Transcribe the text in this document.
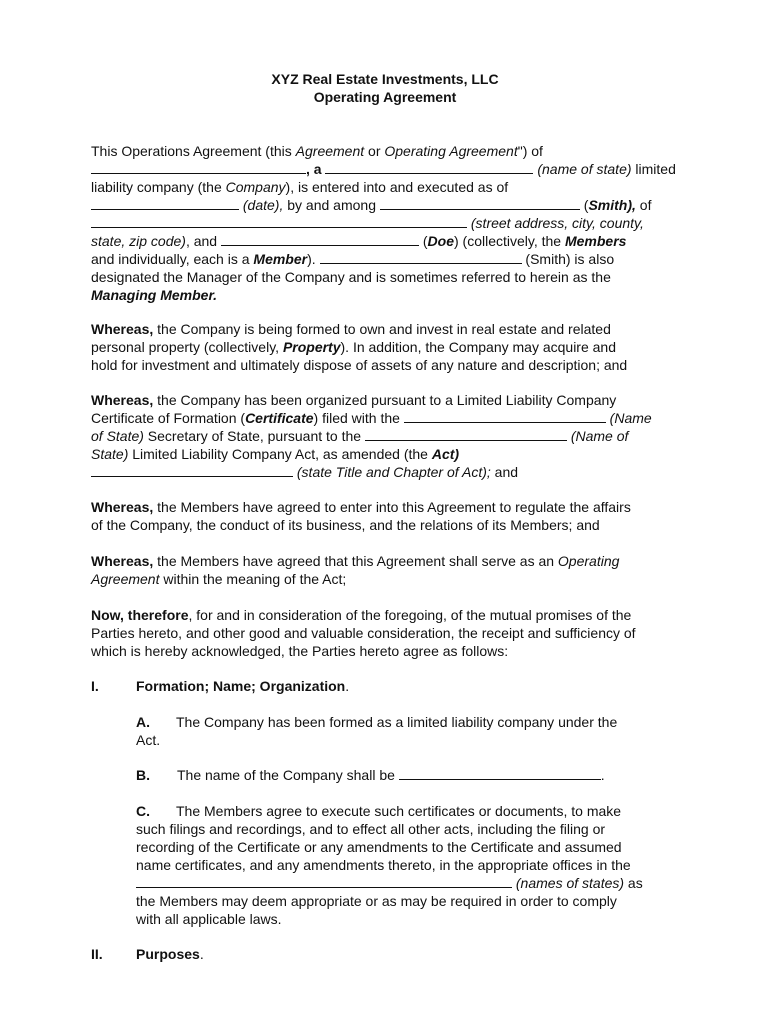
XYZ Real Estate Investments, LLC
Operating Agreement
This Operations Agreement (this Agreement or Operating Agreement") of
, a	(name of state) limited
liability company (the Company), is entered into and executed as of
(date), by and among	(Smith), of
(street address, city, county,
state, zip code), and	(Doe) (collectively, the Members
and individually, each is a Member).	(Smith) is also
designated the Manager of the Company and is sometimes referred to herein as the
Managing Member.
Whereas, the Company is being formed to own and invest in real estate and related
personal property (collectively, Property). In addition, the Company may acquire and
hold for investment and ultimately dispose of assets of any nature and description; and
Whereas, the Company has been organized pursuant to a Limited Liability Company
Certificate of Formation (Certificate) filed with the	(Name
of State) Secretary of State, pursuant to the	(Name of
State) Limited Liability Company Act, as amended (the Act)
(state Title and Chapter of Act); and
Whereas, the Members have agreed to enter into this Agreement to regulate the affairs
of the Company, the conduct of its business, and the relations of its Members; and
Whereas, the Members have agreed that this Agreement shall serve as an Operating
Agreement within the meaning of the Act;
Now, therefore, for and in consideration of the foregoing, of the mutual promises of the
Parties hereto, and other good and valuable consideration, the receipt and sufficiency of
which is hereby acknowledged, the Parties hereto agree as follows:
I.	Formation; Name; Organization.
A. The Company has been formed as a limited liability company under the
Act.
B. The name of the Company shall be	.
C. The Members agree to execute such certificates or documents, to make
such filings and recordings, and to effect all other acts, including the filing or
recording of the Certificate or any amendments to the Certificate and assumed
name certificates, and any amendments thereto, in the appropriate offices in the
(names of states) as
the Members may deem appropriate or as may be required in order to comply
with all applicable laws.
II. Purposes.
